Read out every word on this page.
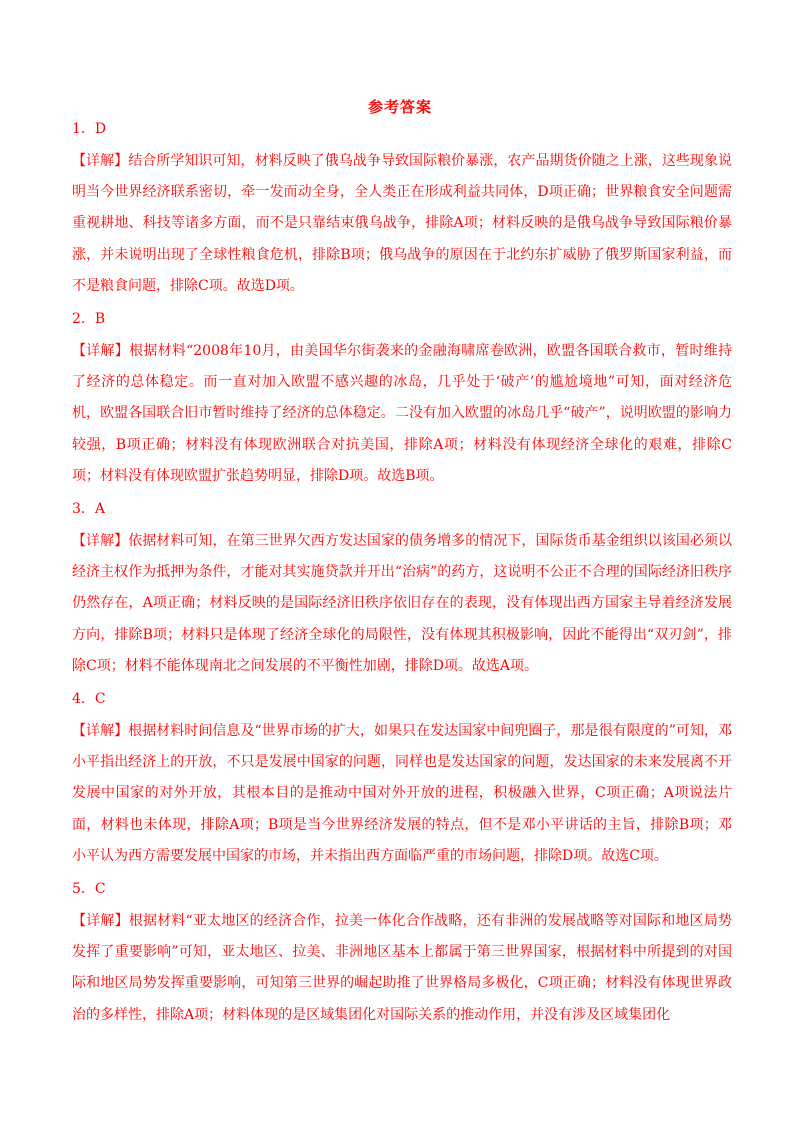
参考答案

1．D

【详解】结合所学知识可知，材料反映了俄乌战争导致国际粮价暴涨，农产品期货价随之上涨，这些现象说明当今世界经济联系密切，牵一发而动全身，全人类正在形成利益共同体，D项正确；世界粮食安全问题需重视耕地、科技等诸多方面，而不是只靠结束俄乌战争，排除A项；材料反映的是俄乌战争导致国际粮价暴涨，并未说明出现了全球性粮食危机，排除B项；俄乌战争的原因在于北约东扩威胁了俄罗斯国家利益，而不是粮食问题，排除C项。故选D项。

2．B

【详解】根据材料“2008年10月，由美国华尔街袭来的金融海啸席卷欧洲，欧盟各国联合救市，暂时维持了经济的总体稳定。而一直对加入欧盟不感兴趣的冰岛，几乎处于‘破产’的尴尬境地”可知，面对经济危机，欧盟各国联合旧市暂时维持了经济的总体稳定。二没有加入欧盟的冰岛几乎“破产”，说明欧盟的影响力较强，B项正确；材料没有体现欧洲联合对抗美国，排除A项；材料没有体现经济全球化的艰难，排除C项；材料没有体现欧盟扩张趋势明显，排除D项。故选B项。

3．A

【详解】依据材料可知，在第三世界欠西方发达国家的债务增多的情况下，国际货币基金组织以该国必须以经济主权作为抵押为条件，才能对其实施贷款并开出“治病”的药方，这说明不公正不合理的国际经济旧秩序仍然存在，A项正确；材料反映的是国际经济旧秩序依旧存在的表现，没有体现出西方国家主导着经济发展方向，排除B项；材料只是体现了经济全球化的局限性，没有体现其积极影响，因此不能得出“双刃剑”，排除C项；材料不能体现南北之间发展的不平衡性加剧，排除D项。故选A项。

4．C

【详解】根据材料时间信息及“世界市场的扩大，如果只在发达国家中间兜圈子，那是很有限度的”可知，邓小平指出经济上的开放，不只是发展中国家的问题，同样也是发达国家的问题，发达国家的未来发展离不开发展中国家的对外开放，其根本目的是推动中国对外开放的进程，积极融入世界，C项正确；A项说法片面，材料也未体现，排除A项；B项是当今世界经济发展的特点，但不是邓小平讲话的主旨，排除B项；邓小平认为西方需要发展中国家的市场，并未指出西方面临严重的市场问题，排除D项。故选C项。

5．C

【详解】根据材料“亚太地区的经济合作，拉美一体化合作战略，还有非洲的发展战略等对国际和地区局势发挥了重要影响”可知，亚太地区、拉美、非洲地区基本上都属于第三世界国家，根据材料中所提到的对国际和地区局势发挥重要影响，可知第三世界的崛起助推了世界格局多极化，C项正确；材料没有体现世界政治的多样性，排除A项；材料体现的是区域集团化对国际关系的推动作用，并没有涉及区域集团化
